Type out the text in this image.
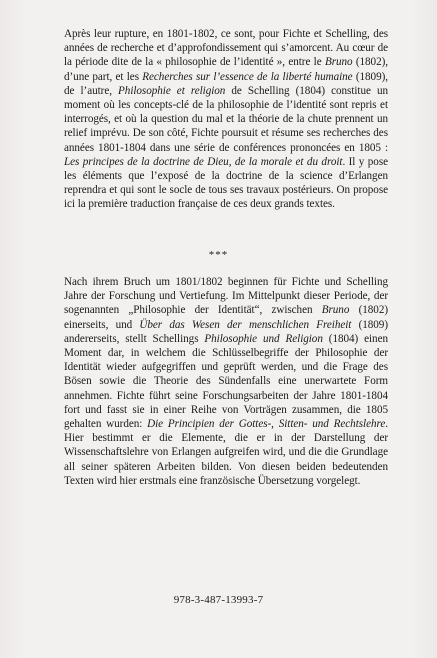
Après leur rupture, en 1801-1802, ce sont, pour Fichte et Schelling, des années de recherche et d’approfondissement qui s’amorcent. Au cœur de la période dite de la « philosophie de l’identité », entre le Bruno (1802), d’une part, et les Recherches sur l’essence de la liberté humaine (1809), de l’autre, Philosophie et religion de Schelling (1804) constitue un moment où les concepts-clé de la philosophie de l’identité sont repris et interrogés, et où la question du mal et la théorie de la chute prennent un relief imprévu. De son côté, Fichte poursuit et résume ses recherches des années 1801-1804 dans une série de conférences prononcées en 1805 : Les principes de la doctrine de Dieu, de la morale et du droit. Il y pose les éléments que l’exposé de la doctrine de la science d’Erlangen reprendra et qui sont le socle de tous ses travaux postérieurs. On propose ici la première traduction française de ces deux grands textes.

***

Nach ihrem Bruch um 1801/1802 beginnen für Fichte und Schelling Jahre der Forschung und Vertiefung. Im Mittelpunkt dieser Periode, der sogenannten „Philosophie der Identität“, zwischen Bruno (1802) einerseits, und Über das Wesen der menschlichen Freiheit (1809) andererseits, stellt Schellings Philosophie und Religion (1804) einen Moment dar, in welchem die Schlüsselbegriffe der Philosophie der Identität wieder aufgegriffen und geprüft werden, und die Frage des Bösen sowie die Theorie des Sündenfalls eine unerwartete Form annehmen. Fichte führt seine Forschungsarbeiten der Jahre 1801-1804 fort und fasst sie in einer Reihe von Vorträgen zusammen, die 1805 gehalten wurden: Die Principien der Gottes-, Sitten- und Rechtslehre. Hier bestimmt er die Elemente, die er in der Darstellung der Wissenschaftslehre von Erlangen aufgreifen wird, und die die Grundlage all seiner späteren Arbeiten bilden. Von diesen beiden bedeutenden Texten wird hier erstmals eine französische Übersetzung vorgelegt.

978-3-487-13993-7
